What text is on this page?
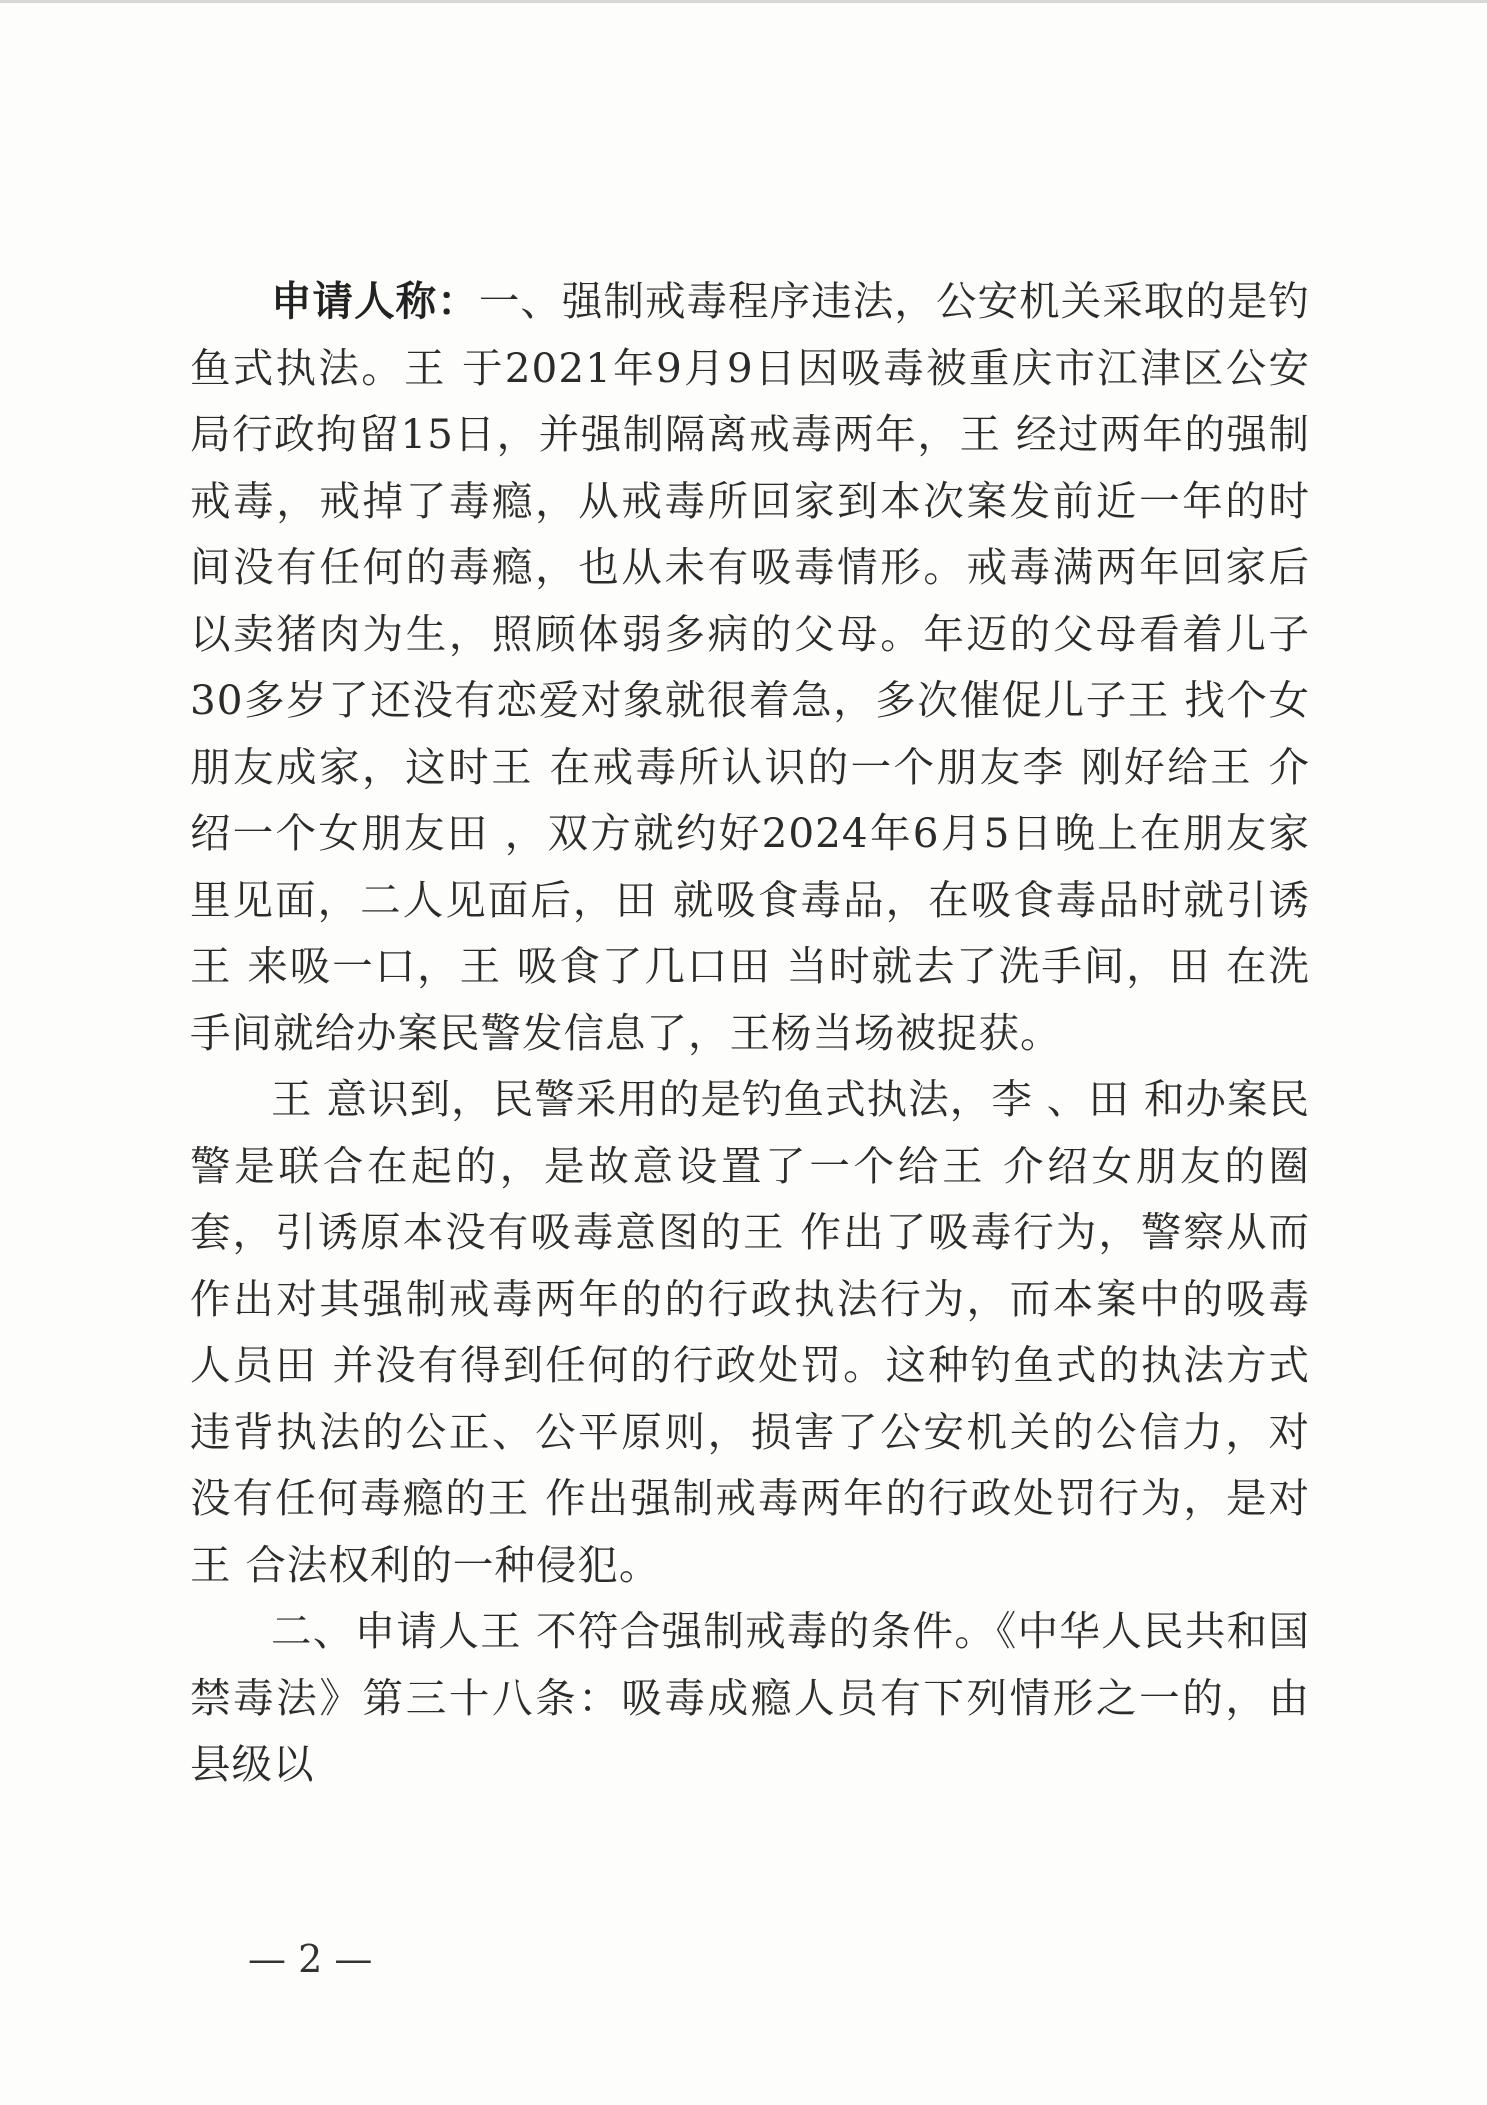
申请人称：一、强制戒毒程序违法，公安机关采取的是钓鱼式执法。王 于2021年9月9日因吸毒被重庆市江津区公安局行政拘留15日，并强制隔离戒毒两年，王 经过两年的强制戒毒，戒掉了毒瘾，从戒毒所回家到本次案发前近一年的时间没有任何的毒瘾，也从未有吸毒情形。戒毒满两年回家后以卖猪肉为生，照顾体弱多病的父母。年迈的父母看着儿子30多岁了还没有恋爱对象就很着急，多次催促儿子王 找个女朋友成家，这时王 在戒毒所认识的一个朋友李 刚好给王 介绍一个女朋友田 ，双方就约好2024年6月5日晚上在朋友家里见面，二人见面后，田 就吸食毒品，在吸食毒品时就引诱王 来吸一口，王 吸食了几口田 当时就去了洗手间，田 在洗手间就给办案民警发信息了，王杨当场被捉获。

王 意识到，民警采用的是钓鱼式执法，李 、田 和办案民警是联合在起的，是故意设置了一个给王 介绍女朋友的圈套，引诱原本没有吸毒意图的王 作出了吸毒行为，警察从而作出对其强制戒毒两年的的行政执法行为，而本案中的吸毒人员田 并没有得到任何的行政处罚。这种钓鱼式的执法方式违背执法的公正、公平原则，损害了公安机关的公信力，对没有任何毒瘾的王 作出强制戒毒两年的行政处罚行为，是对王 合法权利的一种侵犯。

二、申请人王 不符合强制戒毒的条件。《中华人民共和国禁毒法》第三十八条：吸毒成瘾人员有下列情形之一的，由县级以

— 2 —
